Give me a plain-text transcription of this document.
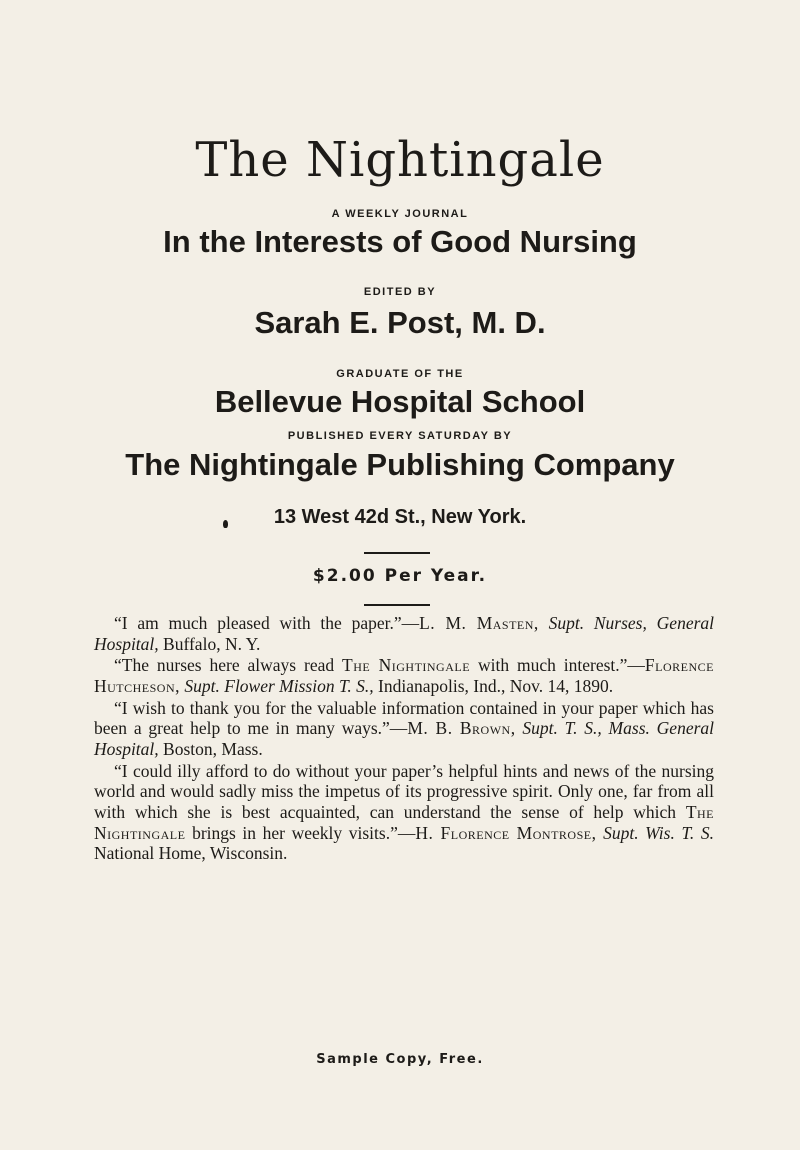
The Nightingale
A WEEKLY JOURNAL
In the Interests of Good Nursing
EDITED BY
Sarah E. Post, M. D.
GRADUATE OF THE
Bellevue Hospital School
PUBLISHED EVERY SATURDAY BY
The Nightingale Publishing Company
13 West 42d St., New York.
$2.00 Per Year.

“I am much pleased with the paper.”—L. M. Masten, Supt. Nurses, General Hospital, Buffalo, N. Y.

“The nurses here always read The Nightingale with much interest.”—Florence Hutcheson, Supt. Flower Mission T. S., Indianapolis, Ind., Nov. 14, 1890.

“I wish to thank you for the valuable information contained in your paper which has been a great help to me in many ways.”—M. B. Brown, Supt. T. S., Mass. General Hospital, Boston, Mass.

“I could illy afford to do without your paper’s helpful hints and news of the nursing world and would sadly miss the impetus of its progressive spirit. Only one, far from all with which she is best acquainted, can understand the sense of help which The Nightingale brings in her weekly visits.”—H. Florence Montrose, Supt. Wis. T. S. National Home, Wisconsin.

Sample Copy, Free.
